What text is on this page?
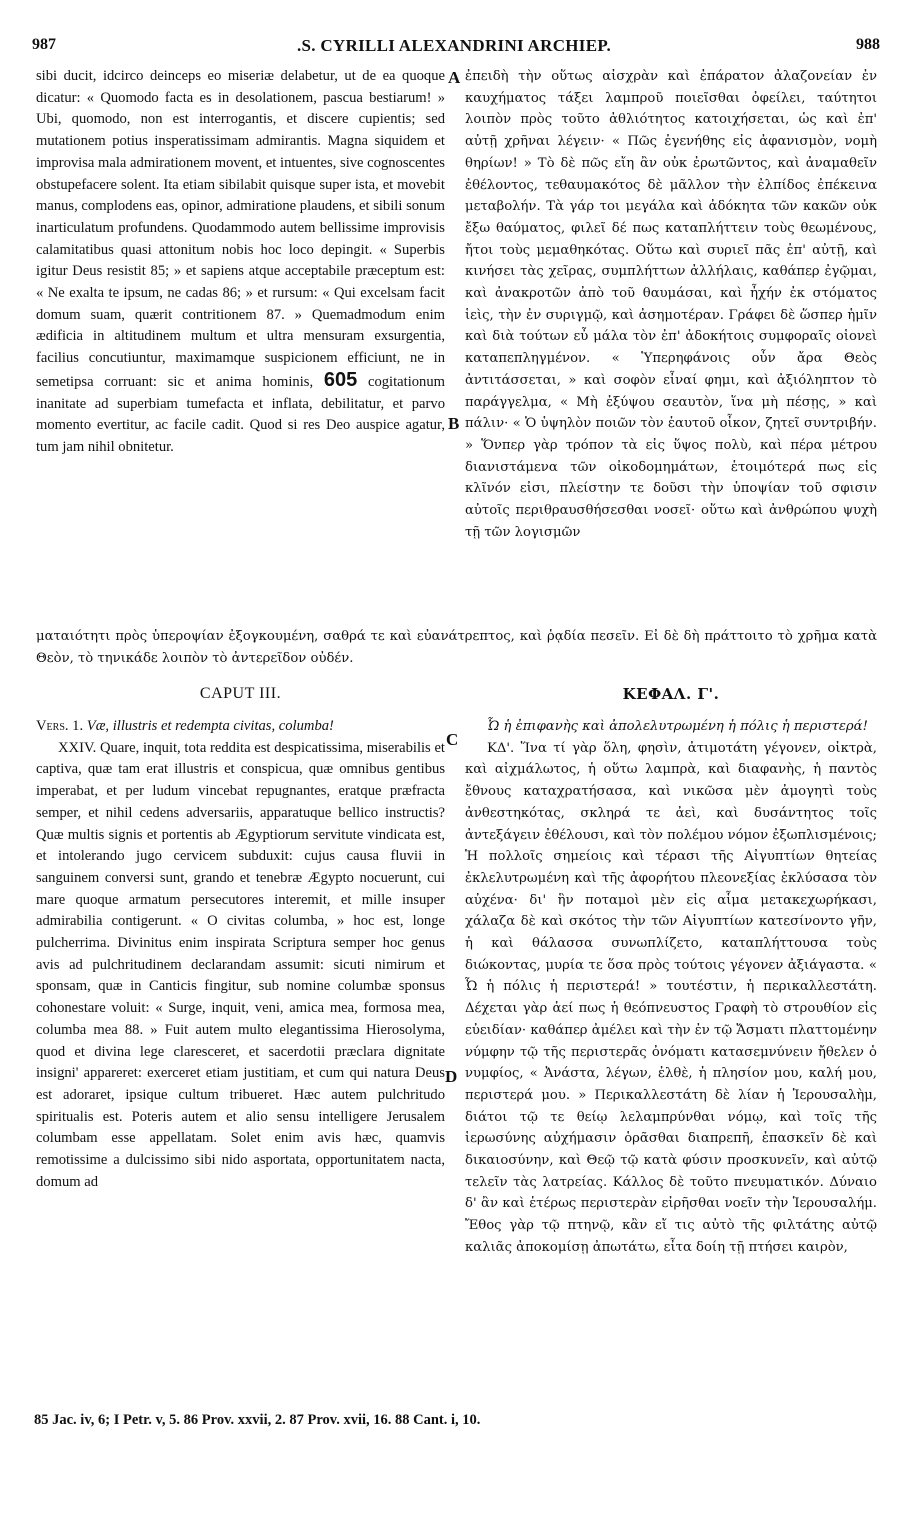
987	.S. CYRILLI ALEXANDRINI ARCHIEP.	988
A
B
C
D

sibi ducit, idcirco deinceps eo miseriæ delabetur, ut de ea quoque dicatur: « Quomodo facta es in desolationem, pascua bestiarum! » Ubi, quomodo, non est interrogantis, et discere cupientis; sed mutationem potius insperatissimam admirantis. Magna siquidem et improvisa mala admirationem movent, et intuentes, sive cognoscentes obstupefacere solent. Ita etiam sibilabit quisque super ista, et movebit manus, complodens eas, opinor, admiratione plaudens, et sibili sonum inarticulatum profundens. Quodammodo autem bellissime improvisis calamitatibus quasi attonitum nobis hoc loco depingit. « Superbis igitur Deus resistit 85; » et sapiens atque acceptabile præceptum est: « Ne exalta te ipsum, ne cadas 86; » et rursum: « Qui excelsam facit domum suam, quærit contritionem 87. » Quemadmodum enim ædificia in altitudinem multum et ultra mensuram exsurgentia, facilius concutiuntur, maximamque suspicionem efficiunt, ne in semetipsa corruant: sic et anima hominis, 605 cogitationum inanitate ad superbiam tumefacta et inflata, debilitatur, et parvo momento evertitur, ac facile cadit. Quod si res Deo auspice agatur, tum jam nihil obnitetur.

ἐπειδὴ τὴν οὕτως αἰσχρὰν καὶ ἐπάρατον ἀλαζονείαν ἐν καυχήματος τάξει λαμπροῦ ποιεῖσθαι ὀφείλει, ταύτητοι λοιπὸν πρὸς τοῦτο ἀθλιότητος κατοιχήσεται, ὡς καὶ ἐπ' αὐτῇ χρῆναι λέγειν· « Πῶς ἐγενήθης εἰς ἀφανισμὸν, νομὴ θηρίων! » Τὸ δὲ πῶς εἴη ἂν οὐκ ἐρωτῶντος, καὶ ἀναμαθεῖν ἐθέλοντος, τεθαυμακότος δὲ μᾶλλον τὴν ἐλπίδος ἐπέκεινα μεταβολήν. Τὰ γάρ τοι μεγάλα καὶ ἀδόκητα τῶν κακῶν οὐκ ἔξω θαύματος, φιλεῖ δέ πως καταπλήττειν τοὺς θεωμένους, ἤτοι τοὺς μεμαθηκότας. Οὕτω καὶ συριεῖ πᾶς ἐπ' αὐτῇ, καὶ κινήσει τὰς χεῖρας, συμπλήττων ἀλλήλαις, καθάπερ ἐγῷμαι, καὶ ἀνακροτῶν ἀπὸ τοῦ θαυμάσαι, καὶ ἦχήν ἐκ στόματος ἱεὶς, τὴν ἐν συριγμῷ, καὶ ἀσημοτέραν. Γράφει δὲ ὥσπερ ἡμῖν καὶ διὰ τούτων εὖ μάλα τὸν ἐπ' ἀδοκήτοις συμφοραῖς οἱονεὶ καταπεπληγμένον. « Ὑπερηφάνοις οὖν ἄρα Θεὸς ἀντιτάσσεται, » καὶ σοφὸν εἶναί φημι, καὶ ἀξιόληπτον τὸ παράγγελμα, « Μὴ ἐξύψου σεαυτὸν, ἵνα μὴ πέσῃς, » καὶ πάλιν· « Ὁ ὑψηλὸν ποιῶν τὸν ἑαυτοῦ οἶκον, ζητεῖ συντριβήν. » Ὅνπερ γὰρ τρόπον τὰ εἰς ὕψος πολὺ, καὶ πέρα μέτρου διανιστάμενα τῶν οἰκοδομημάτων, ἑτοιμότερά πως εἰς κλῖνόν εἰσι, πλείστην τε δοῦσι τὴν ὑποψίαν τοῦ σφισιν αὐτοῖς περιθραυσθήσεσθαι νοσεῖ· οὕτω καὶ ἀνθρώπου ψυχὴ τῇ τῶν λογισμῶν

ματαιότητι πρὸς ὑπεροψίαν ἐξογκουμένη, σαθρά τε καὶ εὐανάτρεπτος, καὶ ῥᾳδία πεσεῖν. Εἰ δὲ δὴ πράττοιτο τὸ χρῆμα κατὰ Θεὸν, τὸ τηνικάδε λοιπὸν τὸ ἀντερεῖδον οὐδέν.

CAPUT III.	ΚΕΦΑΛ. Γ'.

Vers. 1. Væ, illustris et redempta civitas, columba!

XXIV. Quare, inquit, tota reddita est despicatissima, miserabilis et captiva, quæ tam erat illustris et conspicua, quæ omnibus gentibus imperabat, et per ludum vincebat repugnantes, eratque præfracta semper, et nihil cedens adversariis, apparatuque bellico instructis? Quæ multis signis et portentis ab Ægyptiorum servitute vindicata est, et intolerando jugo cervicem subduxit: cujus causa fluvii in sanguinem conversi sunt, grando et tenebræ Ægypto nocuerunt, cui mare quoque armatum persecutores interemit, et mille insuper admirabilia contigerunt. « O civitas columba, » hoc est, longe pulcherrima. Divinitus enim inspirata Scriptura semper hoc genus avis ad pulchritudinem declarandam assumit: sicuti nimirum et sponsam, quæ in Canticis fingitur, sub nomine columbæ sponsus cohonestare voluit: « Surge, inquit, veni, amica mea, formosa mea, columba mea 88. » Fuit autem multo elegantissima Hierosolyma, quod et divina lege claresceret, et sacerdotii præclara dignitate insigni' appareret: exerceret etiam justitiam, et cum qui natura Deus est adoraret, ipsique cultum tribueret. Hæc autem pulchritudo spiritualis est. Poteris autem et alio sensu intelligere Jerusalem columbam esse appellatam. Solet enim avis hæc, quamvis remotissime a dulcissimo sibi nido asportata, opportunitatem nacta, domum ad

Ὦ ἡ ἐπιφανὴς καὶ ἀπολελυτρωμένη ἡ πόλις ἡ περιστερά!

ΚΔ'. Ἵνα τί γὰρ ὅλη, φησὶν, ἀτιμοτάτη γέγονεν, οἰκτρὰ, καὶ αἰχμάλωτος, ἡ οὕτω λαμπρὰ, καὶ διαφανὴς, ἡ παντὸς ἔθνους καταχρατήσασα, καὶ νικῶσα μὲν ἀμογητὶ τοὺς ἀνθεστηκότας, σκληρά τε ἀεὶ, καὶ δυσάντητος τοῖς ἀντεξάγειν ἐθέλουσι, καὶ τὸν πολέμου νόμον ἐξωπλισμένοις; Ἡ πολλοῖς σημείοις καὶ τέρασι τῆς Αἰγυπτίων θητείας ἐκλελυτρωμένη καὶ τῆς ἀφορήτου πλεονεξίας ἐκλύσασα τὸν αὐχένα· δι' ἣν ποταμοὶ μὲν εἰς αἷμα μετακεχωρήκασι, χάλαζα δὲ καὶ σκότος τὴν τῶν Αἰγυπτίων κατεσίνοντο γῆν, ἡ καὶ θάλασσα συνωπλίζετο, καταπλήττουσα τοὺς διώκοντας, μυρία τε ὅσα πρὸς τούτοις γέγονεν ἀξιάγαστα. « Ὦ ἡ πόλις ἡ περιστερά! » τουτέστιν, ἡ περικαλλεστάτη. Δέχεται γὰρ ἀεί πως ἡ θεόπνευστος Γραφὴ τὸ στρουθίον εἰς εὐειδίαν· καθάπερ ἀμέλει καὶ τὴν ἐν τῷ Ἄσματι πλαττομένην νύμφην τῷ τῆς περιστερᾶς ὀνόματι κατασεμνύνειν ἤθελεν ὁ νυμφίος, « Ἀνάστα, λέγων, ἐλθὲ, ἡ πλησίον μου, καλή μου, περιστερά μου. » Περικαλλεστάτη δὲ λίαν ἡ Ἱερουσαλὴμ, διάτοι τῷ τε θείῳ λελαμπρύνθαι νόμῳ, καὶ τοῖς τῆς ἱερωσύνης αὐχήμασιν ὁρᾶσθαι διαπρεπῆ, ἐπασκεῖν δὲ καὶ δικαιοσύνην, καὶ Θεῷ τῷ κατὰ φύσιν προσκυνεῖν, καὶ αὐτῷ τελεῖν τὰς λατρείας. Κάλλος δὲ τοῦτο πνευματικόν. Δύναιο δ' ἂν καὶ ἑτέρως περιστερὰν εἰρῆσθαι νοεῖν τὴν Ἱερουσαλήμ. Ἔθος γὰρ τῷ πτηνῷ, κἂν εἴ τις αὐτὸ τῆς φιλτάτης αὐτῷ καλιᾶς ἀποκομίσῃ ἀπωτάτω, εἶτα δοίη τῇ πτήσει καιρὸν,

85 Jac. iv, 6; I Petr. v, 5. 86 Prov. xxvii, 2. 87 Prov. xvii, 16. 88 Cant. i, 10.
